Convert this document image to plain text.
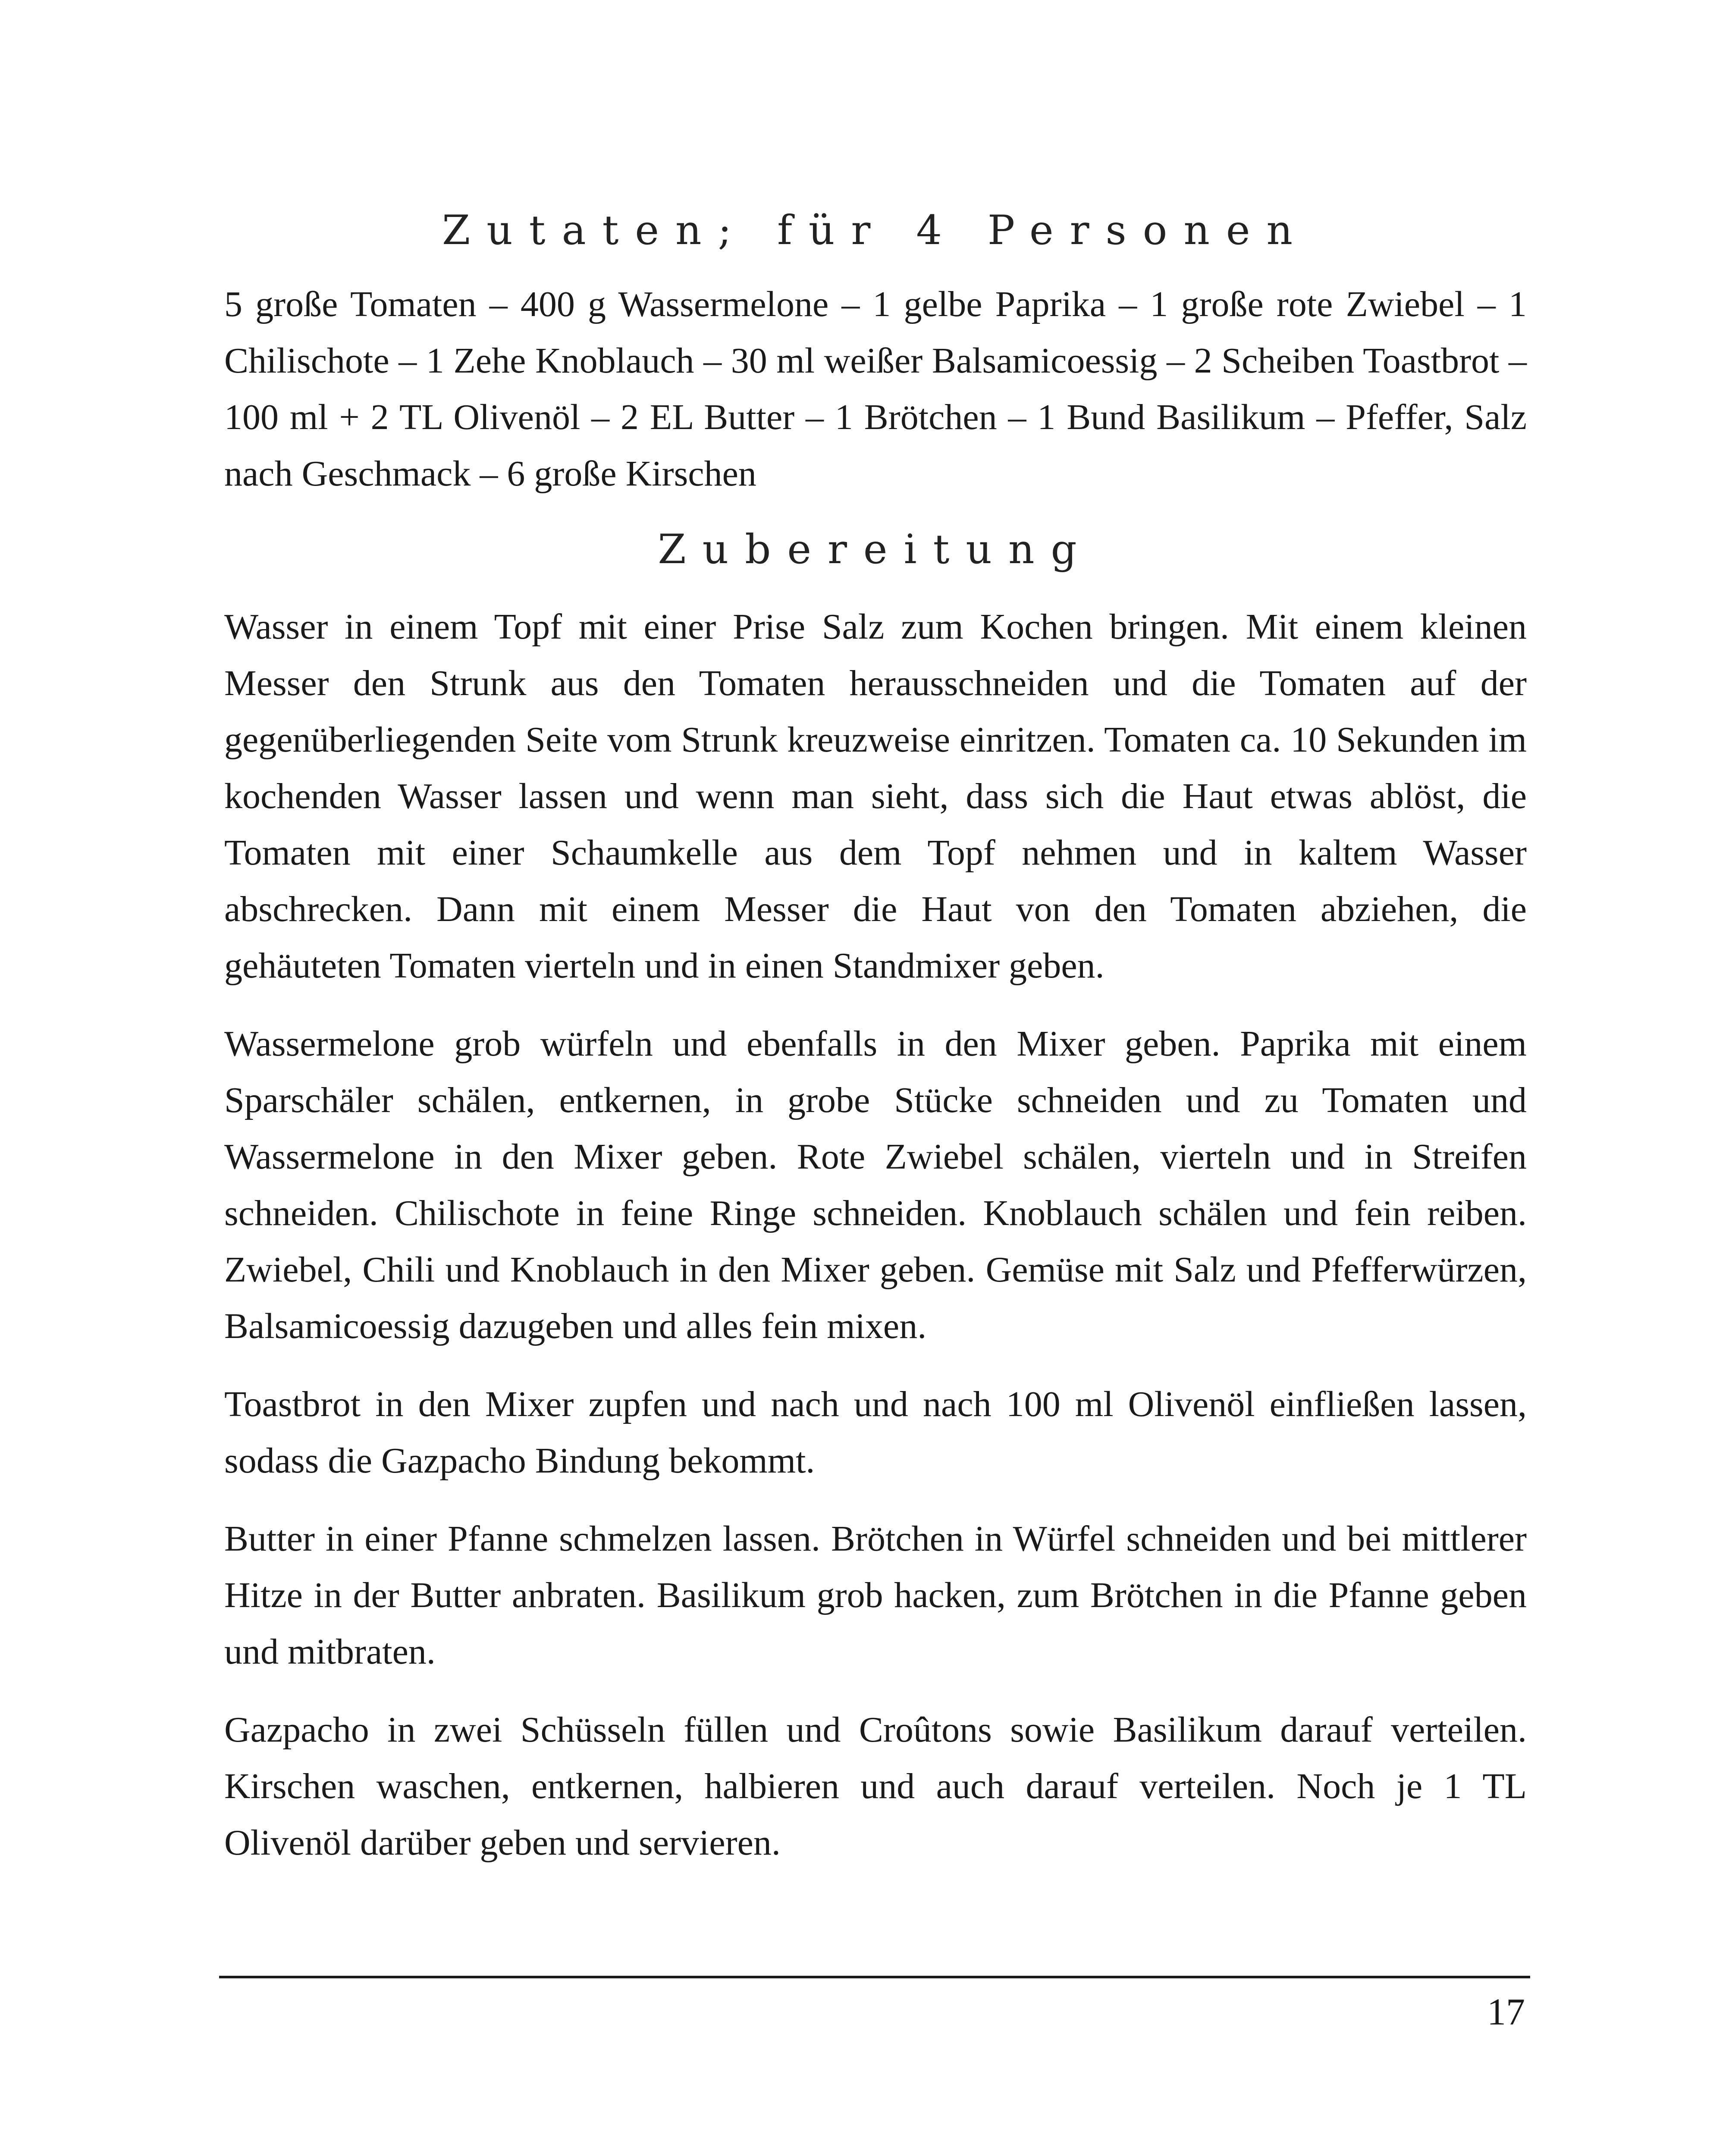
Zutaten; für 4 Personen

5 große Tomaten – 400 g Wassermelone – 1 gelbe Paprika – 1 große rote Zwiebel – 1 Chilischote – 1 Zehe Knoblauch – 30 ml weißer Balsamicoessig – 2 Scheiben Toastbrot – 100 ml + 2 TL Olivenöl – 2 EL Butter – 1 Brötchen – 1 Bund Basilikum – Pfeffer, Salz nach Geschmack – 6 große Kirschen

Zubereitung

Wasser in einem Topf mit einer Prise Salz zum Kochen bringen. Mit einem kleinen Messer den Strunk aus den Tomaten herausschneiden und die Tomaten auf der gegenüberliegenden Seite vom Strunk kreuzweise einritzen. Tomaten ca. 10 Sekunden im kochenden Wasser lassen und wenn man sieht, dass sich die Haut etwas ablöst, die Tomaten mit einer Schaumkelle aus dem Topf nehmen und in kaltem Wasser abschrecken. Dann mit einem Messer die Haut von den Tomaten abziehen, die gehäuteten Tomaten vierteln und in einen Standmixer geben.

Wassermelone grob würfeln und ebenfalls in den Mixer geben. Paprika mit einem Sparschäler schälen, entkernen, in grobe Stücke schneiden und zu Tomaten und Wassermelone in den Mixer geben. Rote Zwiebel schälen, vierteln und in Streifen schneiden. Chilischote in feine Ringe schneiden. Knoblauch schälen und fein reiben. Zwiebel, Chili und Knoblauch in den Mixer geben. Gemüse mit Salz und Pfefferwürzen, Balsamicoessig dazugeben und alles fein mixen.

Toastbrot in den Mixer zupfen und nach und nach 100 ml Olivenöl einfließen lassen, sodass die Gazpacho Bindung bekommt.

Butter in einer Pfanne schmelzen lassen. Brötchen in Würfel schneiden und bei mittlerer Hitze in der Butter anbraten. Basilikum grob hacken, zum Brötchen in die Pfanne geben und mitbraten.

Gazpacho in zwei Schüsseln füllen und Croûtons sowie Basilikum darauf verteilen. Kirschen waschen, entkernen, halbieren und auch darauf verteilen. Noch je 1 TL Olivenöl darüber geben und servieren.

17
